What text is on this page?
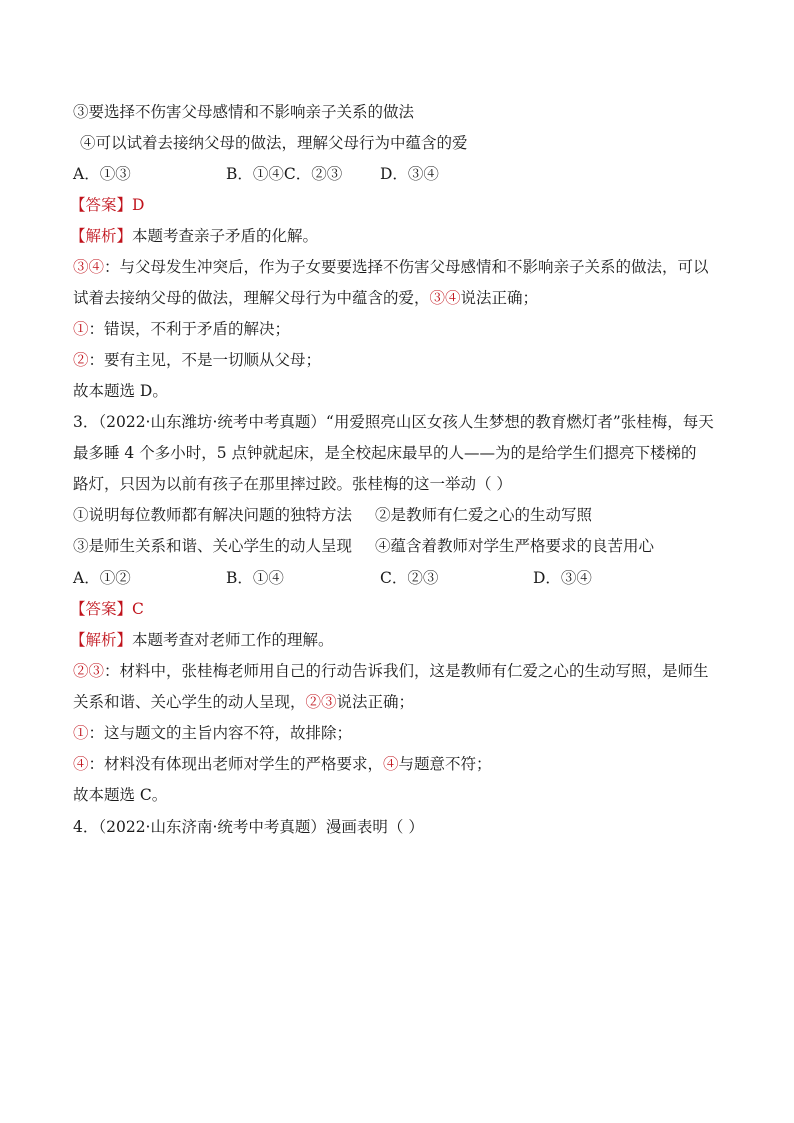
③要选择不伤害父母感情和不影响亲子关系的做法
④可以试着去接纳父母的做法，理解父母行为中蕴含的爱
A．①③	B．①④C．②③ D．③④
【答案】D
【解析】本题考查亲子矛盾的化解。
③④：与父母发生冲突后，作为子女要要选择不伤害父母感情和不影响亲子关系的做法，可以
试着去接纳父母的做法，理解父母行为中蕴含的爱，③④说法正确；
①：错误，不利于矛盾的解决；
②：要有主见，不是一切顺从父母；
故本题选 D。
3．（2022·山东潍坊·统考中考真题）“用爱照亮山区女孩人生梦想的教育燃灯者”张桂梅，每天
最多睡 4 个多小时，5 点钟就起床，是全校起床最早的人——为的是给学生们摁亮下楼梯的
路灯，只因为以前有孩子在那里摔过跤。张桂梅的这一举动（ ）
①说明每位教师都有解决问题的独特方法 ②是教师有仁爱之心的生动写照
③是师生关系和谐、关心学生的动人呈现 ④蕴含着教师对学生严格要求的良苦用心
A．①②	B．①④	C．②③	D．③④
【答案】C
【解析】本题考查对老师工作的理解。
②③：材料中，张桂梅老师用自己的行动告诉我们，这是教师有仁爱之心的生动写照，是师生
关系和谐、关心学生的动人呈现，②③说法正确；
①：这与题文的主旨内容不符，故排除；
④：材料没有体现出老师对学生的严格要求，④与题意不符；
故本题选 C。
4．（2022·山东济南·统考中考真题）漫画表明（ ）
